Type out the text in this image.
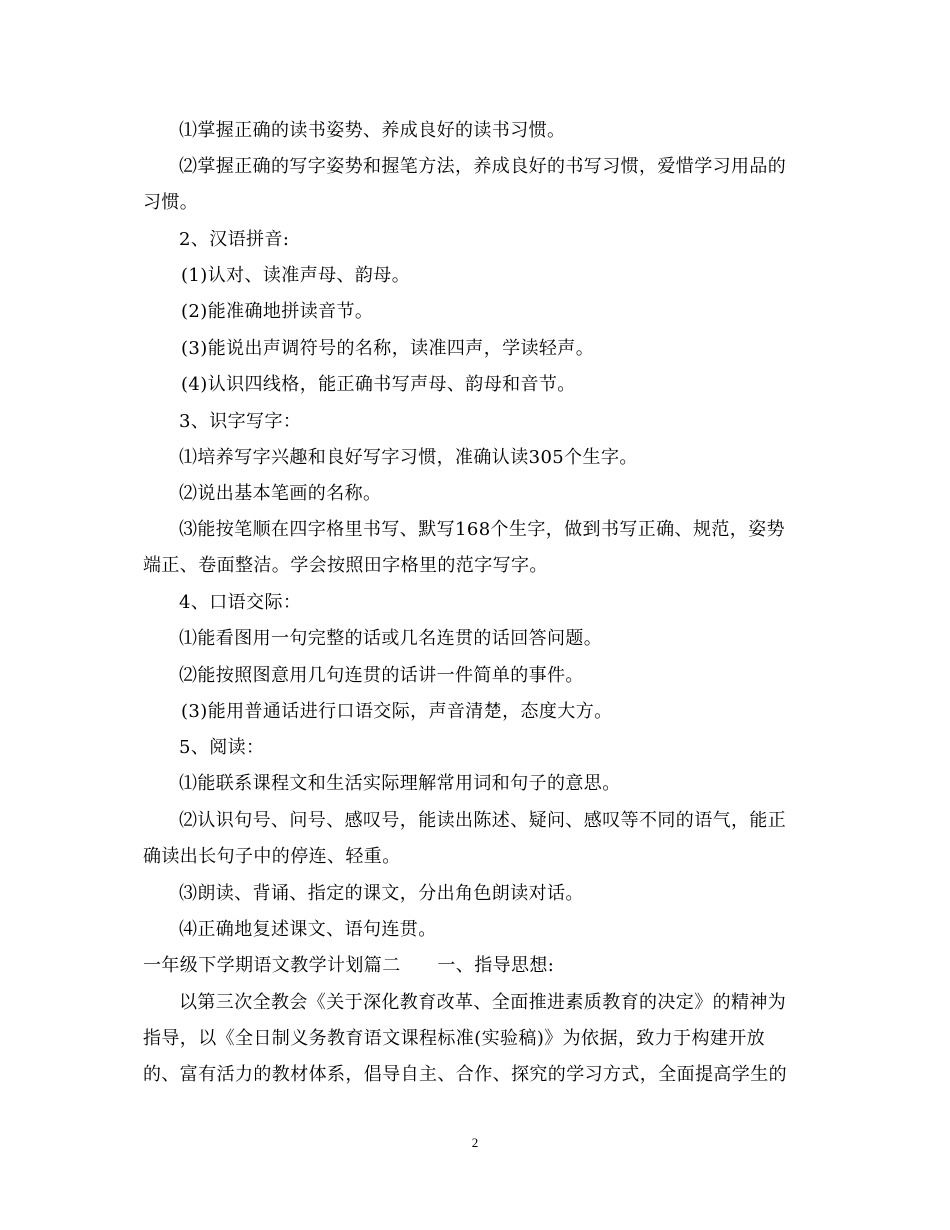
⑴掌握正确的读书姿势、养成良好的读书习惯。
⑵掌握正确的写字姿势和握笔方法，养成良好的书写习惯，爱惜学习用品的
习惯。
2、汉语拼音:
(1)认对、读准声母、韵母。
(2)能准确地拼读音节。
(3)能说出声调符号的名称，读准四声，学读轻声。
(4)认识四线格，能正确书写声母、韵母和音节。
3、识字写字：
⑴培养写字兴趣和良好写字习惯，准确认读305个生字。
⑵说出基本笔画的名称。
⑶能按笔顺在四字格里书写、默写168个生字，做到书写正确、规范，姿势
端正、卷面整洁。学会按照田字格里的范字写字。
4、口语交际：
⑴能看图用一句完整的话或几名连贯的话回答问题。
⑵能按照图意用几句连贯的话讲一件简单的事件。
(3)能用普通话进行口语交际，声音清楚，态度大方。
5、阅读：
⑴能联系课程文和生活实际理解常用词和句子的意思。
⑵认识句号、问号、感叹号，能读出陈述、疑问、感叹等不同的语气，能正
确读出长句子中的停连、轻重。
⑶朗读、背诵、指定的课文，分出角色朗读对话。
⑷正确地复述课文、语句连贯。
一年级下学期语文教学计划篇二　　一、指导思想:
以第三次全教会《关于深化教育改革、全面推进素质教育的决定》的精神为
指导，以《全日制义务教育语文课程标准(实验稿)》为依据，致力于构建开放
的、富有活力的教材体系，倡导自主、合作、探究的学习方式，全面提高学生的
2
